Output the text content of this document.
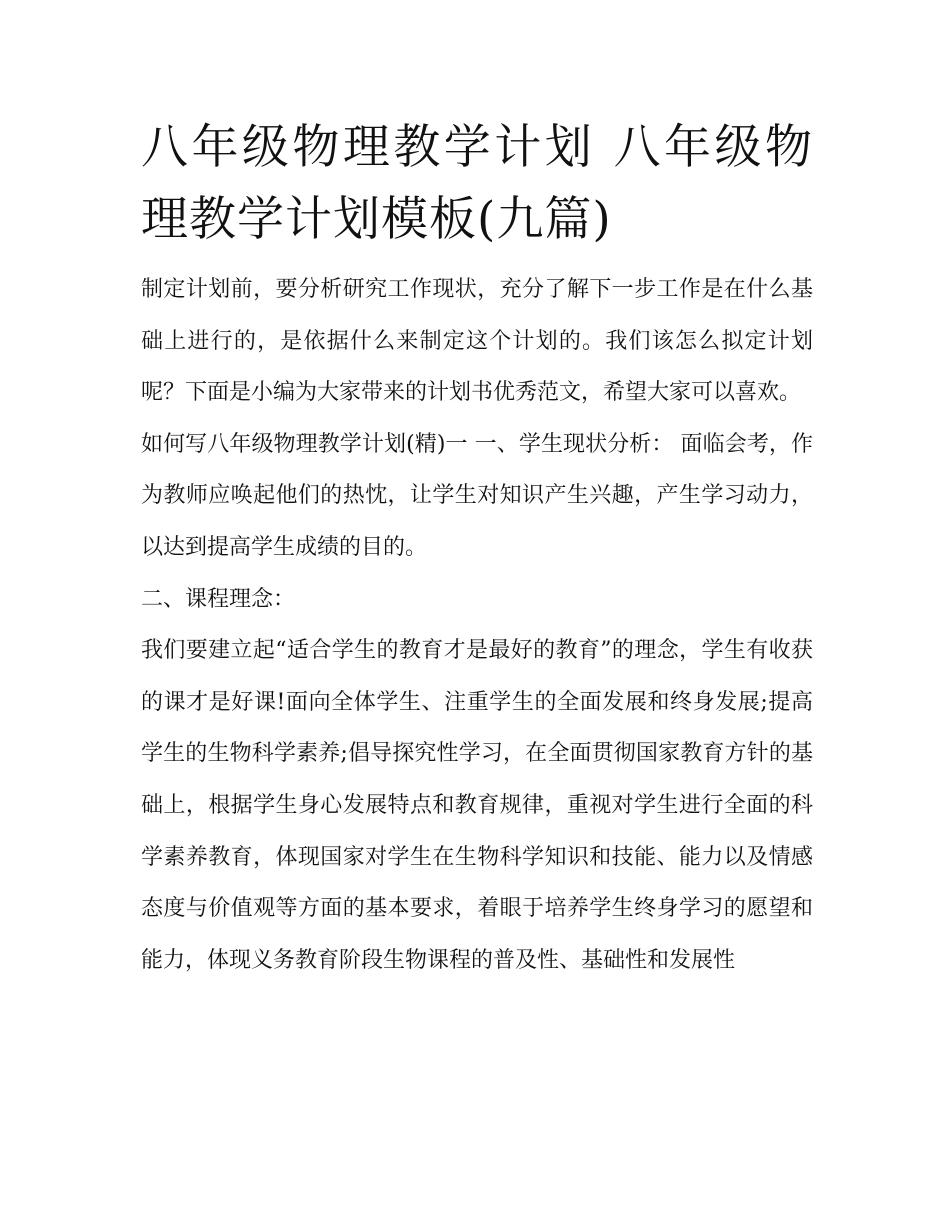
八年级物理教学计划 八年级物理教学计划模板(九篇)

制定计划前，要分析研究工作现状，充分了解下一步工作是在什么基础上进行的，是依据什么来制定这个计划的。我们该怎么拟定计划呢？下面是小编为大家带来的计划书优秀范文，希望大家可以喜欢。

如何写八年级物理教学计划(精)一 一、学生现状分析： 面临会考，作为教师应唤起他们的热忱，让学生对知识产生兴趣，产生学习动力，以达到提高学生成绩的目的。

二、课程理念：

我们要建立起“适合学生的教育才是最好的教育”的理念，学生有收获的课才是好课!面向全体学生、注重学生的全面发展和终身发展;提高学生的生物科学素养;倡导探究性学习，在全面贯彻国家教育方针的基础上，根据学生身心发展特点和教育规律，重视对学生进行全面的科学素养教育，体现国家对学生在生物科学知识和技能、能力以及情感态度与价值观等方面的基本要求，着眼于培养学生终身学习的愿望和能力，体现义务教育阶段生物课程的普及性、基础性和发展性
